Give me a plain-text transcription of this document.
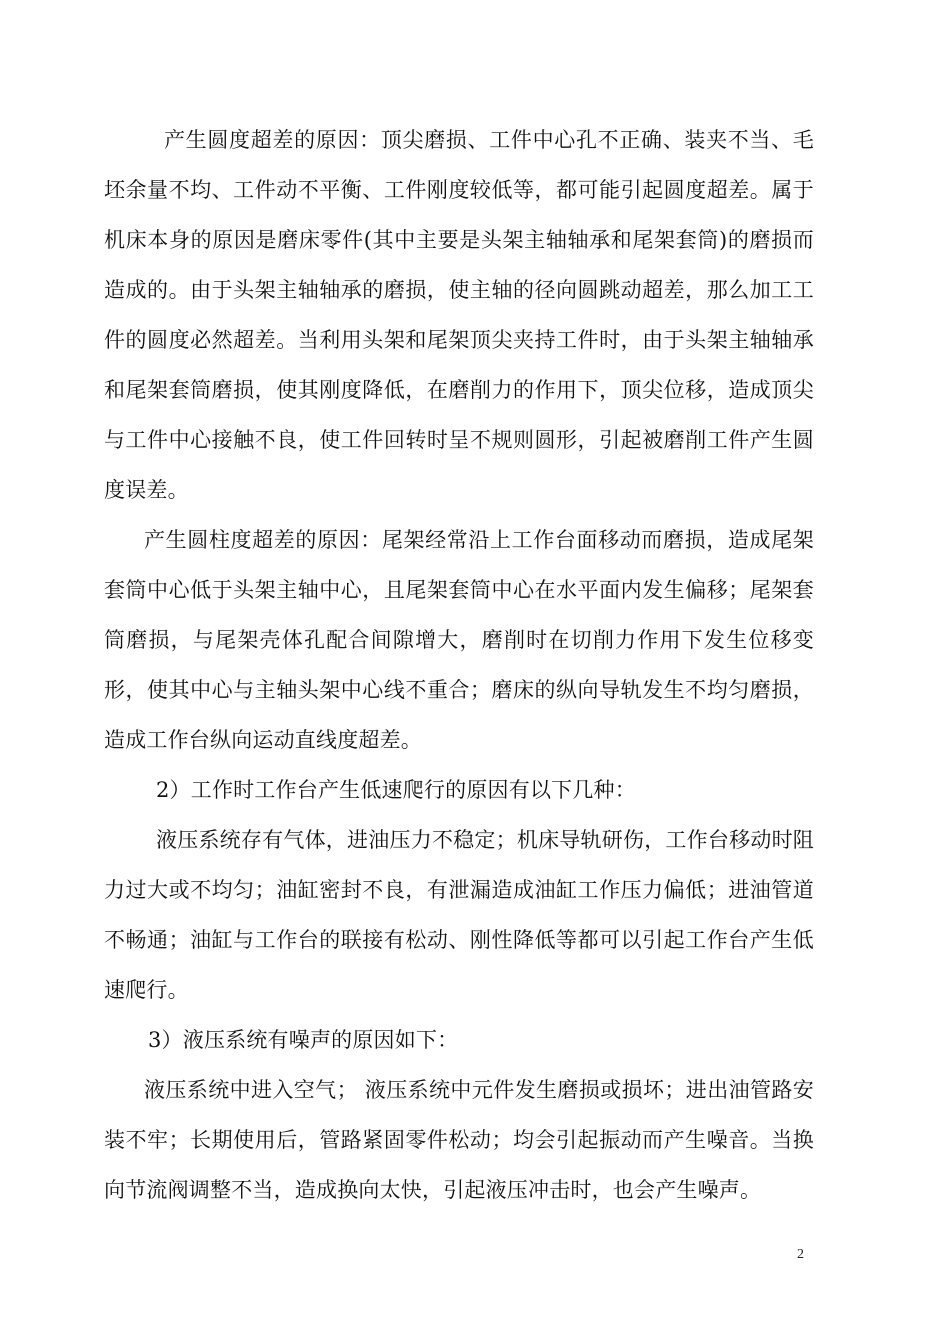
产生圆度超差的原因：顶尖磨损、工件中心孔不正确、装夹不当、毛坯余量不均、工件动不平衡、工件刚度较低等，都可能引起圆度超差。属于机床本身的原因是磨床零件(其中主要是头架主轴轴承和尾架套筒)的磨损而造成的。由于头架主轴轴承的磨损，使主轴的径向圆跳动超差，那么加工工件的圆度必然超差。当利用头架和尾架顶尖夹持工件时，由于头架主轴轴承和尾架套筒磨损，使其刚度降低，在磨削力的作用下，顶尖位移，造成顶尖与工件中心接触不良，使工件回转时呈不规则圆形，引起被磨削工件产生圆度误差。

产生圆柱度超差的原因：尾架经常沿上工作台面移动而磨损，造成尾架套筒中心低于头架主轴中心，且尾架套筒中心在水平面内发生偏移；尾架套筒磨损，与尾架壳体孔配合间隙增大，磨削时在切削力作用下发生位移变形，使其中心与主轴头架中心线不重合；磨床的纵向导轨发生不均匀磨损，造成工作台纵向运动直线度超差。

2）工作时工作台产生低速爬行的原因有以下几种：

液压系统存有气体，进油压力不稳定；机床导轨研伤，工作台移动时阻力过大或不均匀；油缸密封不良，有泄漏造成油缸工作压力偏低；进油管道不畅通；油缸与工作台的联接有松动、刚性降低等都可以引起工作台产生低速爬行。

3）液压系统有噪声的原因如下：

液压系统中进入空气； 液压系统中元件发生磨损或损坏；进出油管路安装不牢；长期使用后，管路紧固零件松动；均会引起振动而产生噪音。当换向节流阀调整不当，造成换向太快，引起液压冲击时，也会产生噪声。

2
